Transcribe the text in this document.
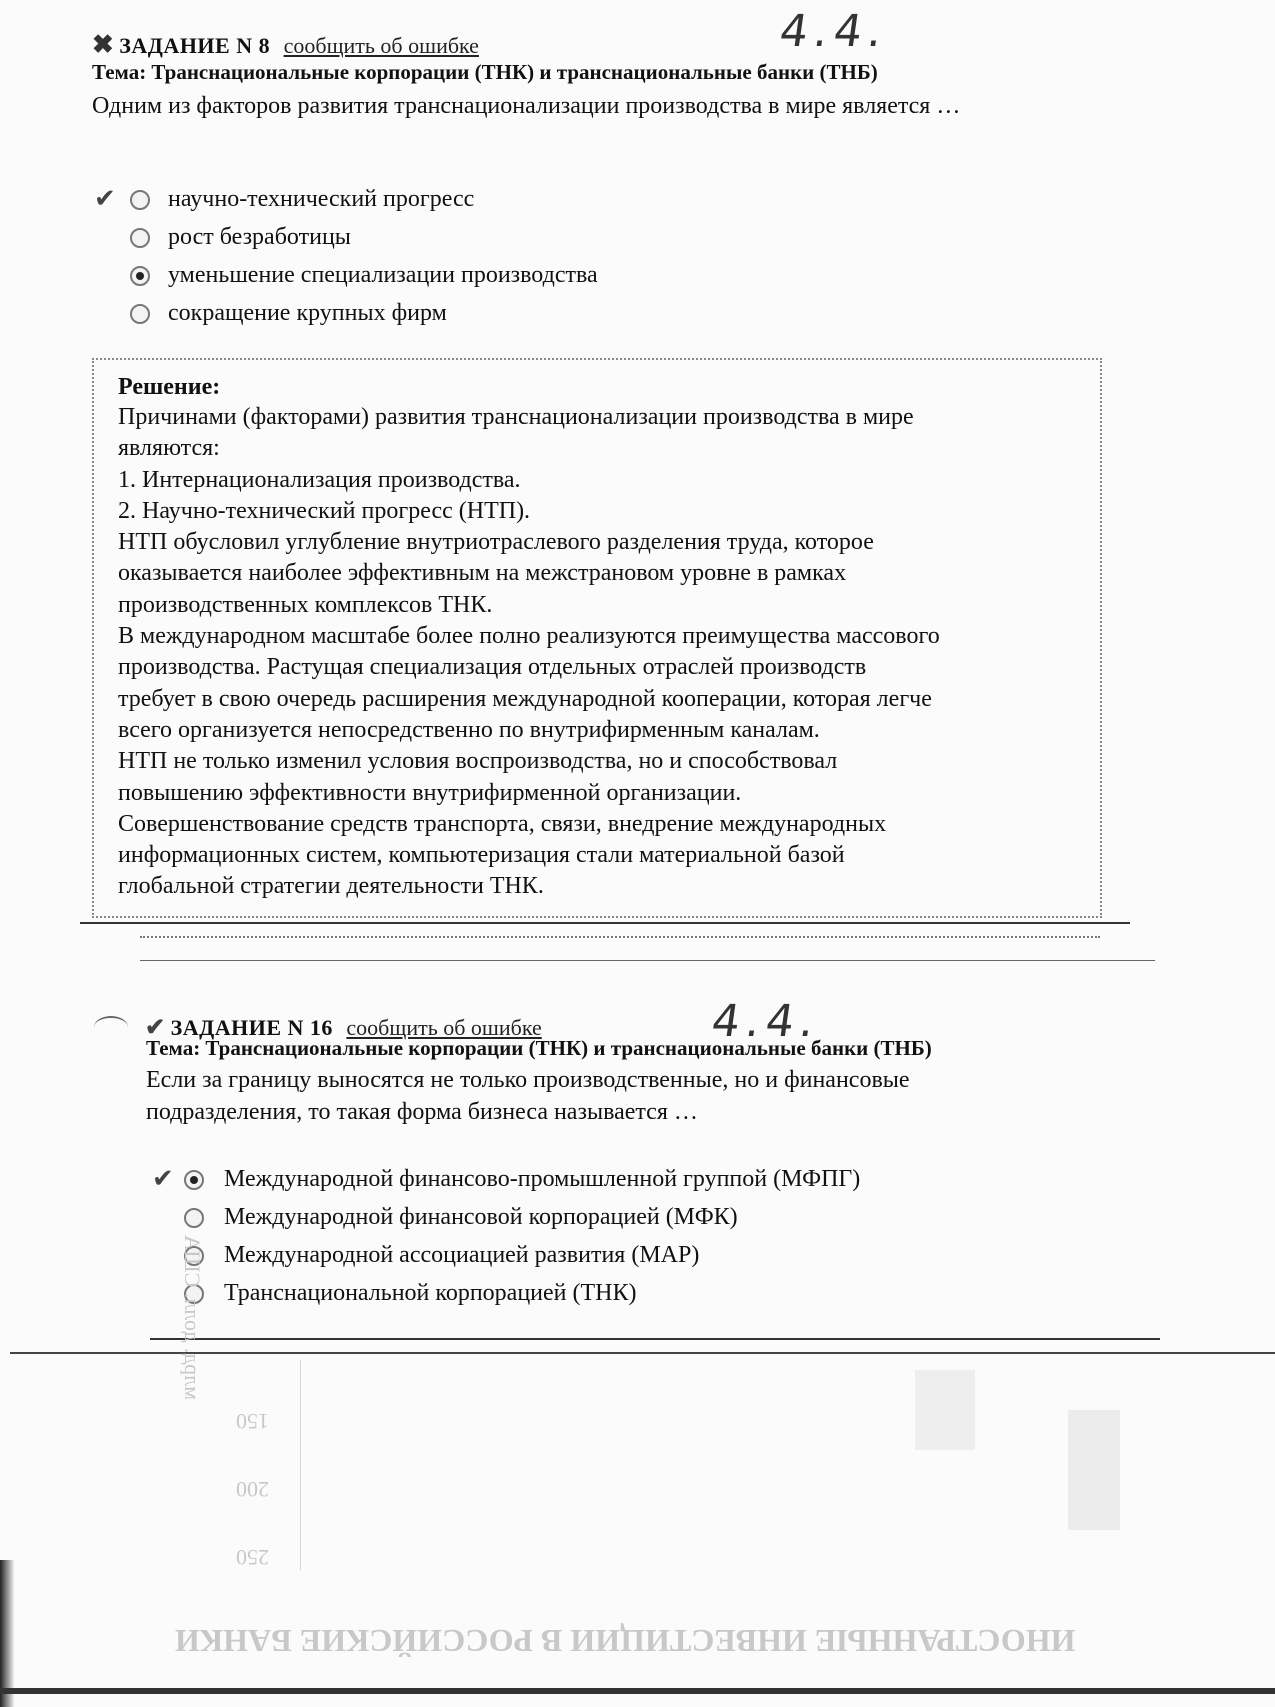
✖ ЗАДАНИЕ N 8 сообщить об ошибке	4.4.
Тема: Транснациональные корпорации (ТНК) и транснациональные банки (ТНБ)
Одним из факторов развития транснационализации производства в мире является …
✔ научно-технический прогресс
рост безработицы
уменьшение специализации производства
сокращение крупных фирм
Решение:
Причинами (факторами) развития транснационализации производства в мире
являются:
1. Интернационализация производства.
2. Научно-технический прогресс (НТП).
НТП обусловил углубление внутриотраслевого разделения труда, которое
оказывается наиболее эффективным на межстрановом уровне в рамках
производственных комплексов ТНК.
В международном масштабе более полно реализуются преимущества массового
производства. Растущая специализация отдельных отраслей производств
требует в свою очередь расширения международной кооперации, которая легче
всего организуется непосредственно по внутрифирменным каналам.
НТП не только изменил условия воспроизводства, но и способствовал
повышению эффективности внутрифирменной организации.
Совершенствование средств транспорта, связи, внедрение международных
информационных систем, компьютеризация стали материальной базой
глобальной стратегии деятельности ТНК.
✔ ЗАДАНИЕ N 16 сообщить об ошибке	4.4.
Тема: Транснациональные корпорации (ТНК) и транснациональные банки (ТНБ)
Если за границу выносятся не только производственные, но и финансовые подразделения, то такая форма бизнеса называется …
✔ Международной финансово-промышленной группой (МФПГ)
Международной финансовой корпорацией (МФК)
Международной ассоциацией развития (МАР)
Транснациональной корпорацией (ТНК)
млрд. долл. США
150
200
250
ИНОСТРАННЫЕ ИНВЕСТИЦИИ В РОССИЙСКИЕ БАНКИ
